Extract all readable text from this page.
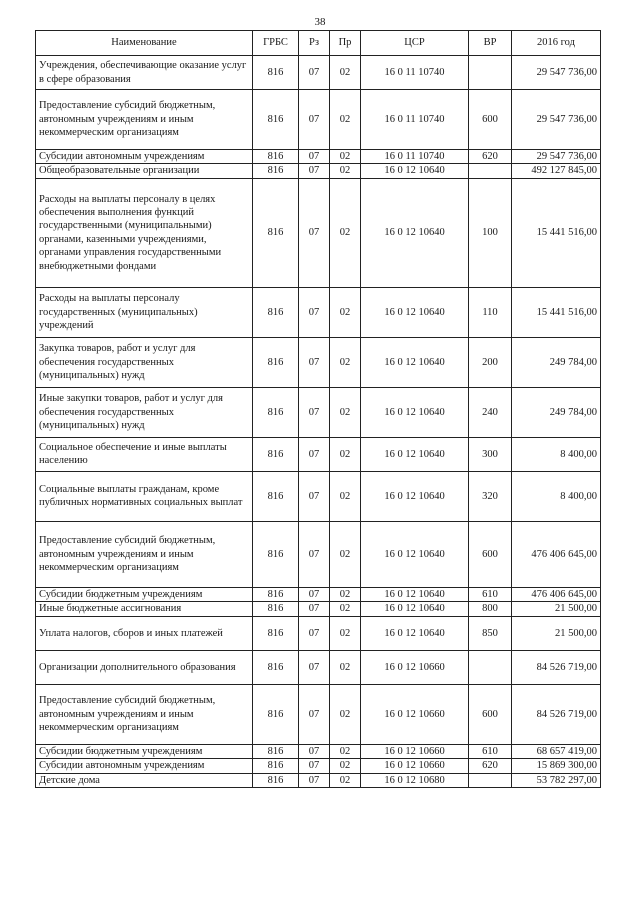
38
Наименование	ГРБС	Рз	Пр	ЦСР	ВР	2016 год
Учреждения, обеспечивающие оказание услуг в сфере образования	816	07	02	16 0 11 10740		29 547 736,00
Предоставление субсидий бюджетным, автономным учреждениям и иным некоммерческим организациям	816	07	02	16 0 11 10740	600	29 547 736,00
Субсидии автономным учреждениям	816	07	02	16 0 11 10740	620	29 547 736,00
Общеобразовательные организации	816	07	02	16 0 12 10640		492 127 845,00
Расходы на выплаты персоналу в целях обеспечения выполнения функций государственными (муниципальными) органами, казенными учреждениями, органами управления государственными внебюджетными фондами	816	07	02	16 0 12 10640	100	15 441 516,00
Расходы на выплаты персоналу государственных (муниципальных) учреждений	816	07	02	16 0 12 10640	110	15 441 516,00
Закупка товаров, работ и услуг для обеспечения государственных (муниципальных) нужд	816	07	02	16 0 12 10640	200	249 784,00
Иные закупки товаров, работ и услуг для обеспечения государственных (муниципальных) нужд	816	07	02	16 0 12 10640	240	249 784,00
Социальное обеспечение и иные выплаты населению	816	07	02	16 0 12 10640	300	8 400,00
Социальные выплаты гражданам, кроме публичных нормативных социальных выплат	816	07	02	16 0 12 10640	320	8 400,00
Предоставление субсидий бюджетным, автономным учреждениям и иным некоммерческим организациям	816	07	02	16 0 12 10640	600	476 406 645,00
Субсидии бюджетным учреждениям	816	07	02	16 0 12 10640	610	476 406 645,00
Иные бюджетные ассигнования	816	07	02	16 0 12 10640	800	21 500,00
Уплата налогов, сборов и иных платежей	816	07	02	16 0 12 10640	850	21 500,00
Организации дополнительного образования	816	07	02	16 0 12 10660		84 526 719,00
Предоставление субсидий бюджетным, автономным учреждениям и иным некоммерческим организациям	816	07	02	16 0 12 10660	600	84 526 719,00
Субсидии бюджетным учреждениям	816	07	02	16 0 12 10660	610	68 657 419,00
Субсидии автономным учреждениям	816	07	02	16 0 12 10660	620	15 869 300,00
Детские дома	816	07	02	16 0 12 10680		53 782 297,00
